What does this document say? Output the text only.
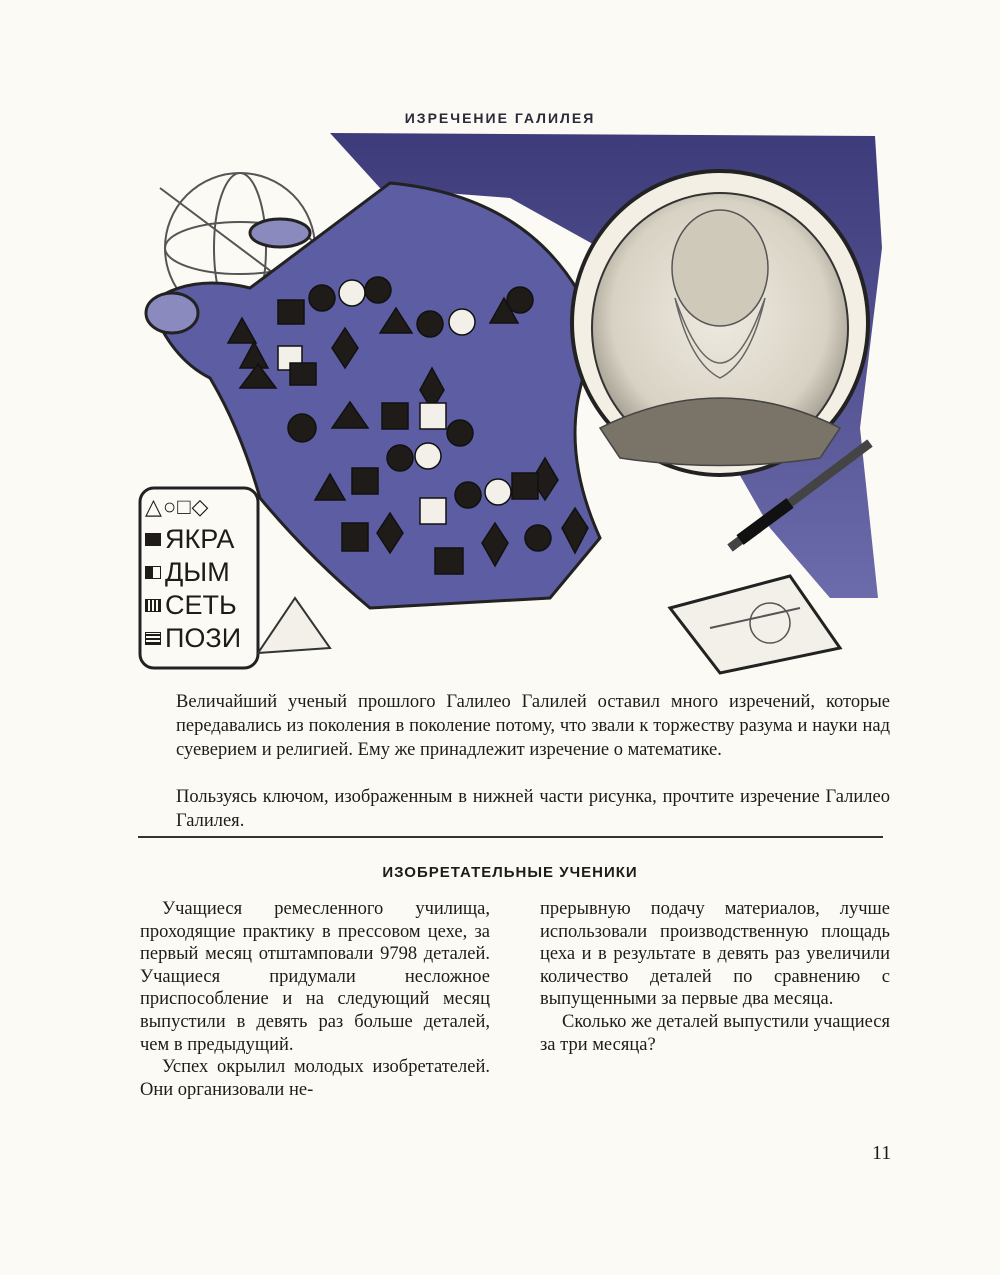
ИЗРЕЧЕНИЕ ГАЛИЛЕЯ
△○□◇
ЯКРА
ДЫМ
СЕТЬ
ПОЗИ
Величайший ученый прошлого Галилео Галилей оставил много изречений, которые передавались из поколения в поколение потому, что звали к торжеству разума и науки над суеверием и религией. Ему же принадлежит изречение о математике.
Пользуясь ключом, изображенным в нижней части рисунка, прочтите изречение Галилео Галилея.
ИЗОБРЕТАТЕЛЬНЫЕ УЧЕНИКИ

Учащиеся ремесленного училища, проходящие практику в прессовом цехе, за первый месяц отштамповали 9798 деталей. Учащиеся придумали несложное приспособление и на следующий месяц выпустили в девять раз больше деталей, чем в предыдущий.

Успех окрылил молодых изобретателей. Они организовали не-

прерывную подачу материалов, лучше использовали производственную площадь цеха и в результате в девять раз увеличили количество деталей по сравнению с выпущенными за первые два месяца.

Сколько же деталей выпустили учащиеся за три месяца?

11
